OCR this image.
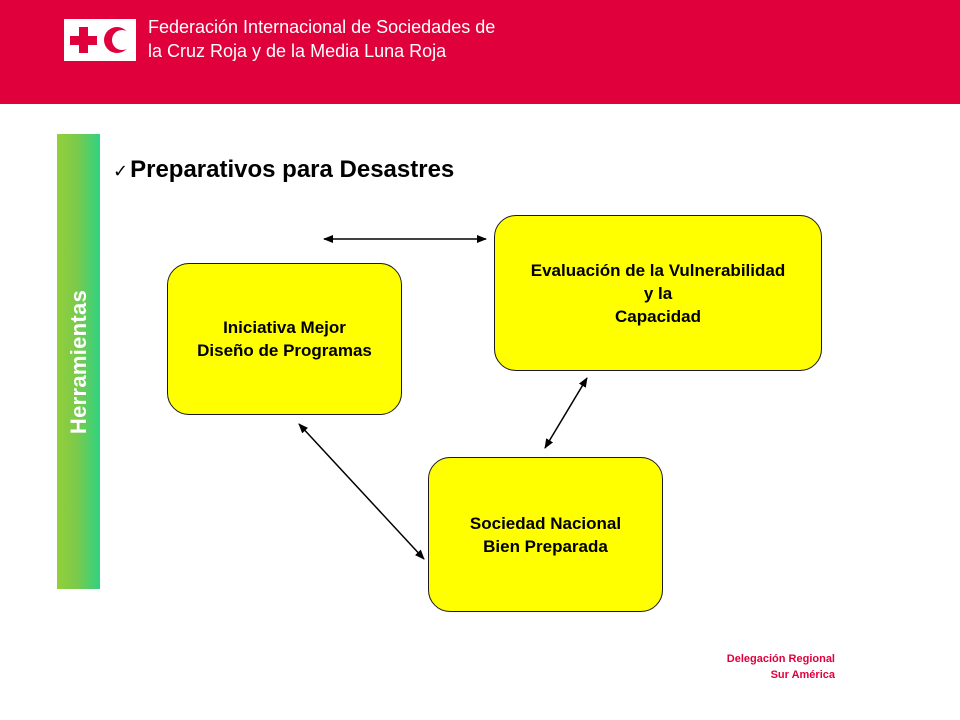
Federación Internacional de Sociedades de
la Cruz Roja y de la Media Luna Roja
Herramientas
✓Preparativos para Desastres
Iniciativa Mejor
Diseño de Programas
Evaluación de la Vulnerabilidad
y la
Capacidad
Sociedad Nacional
Bien Preparada
Delegación Regional
Sur América
